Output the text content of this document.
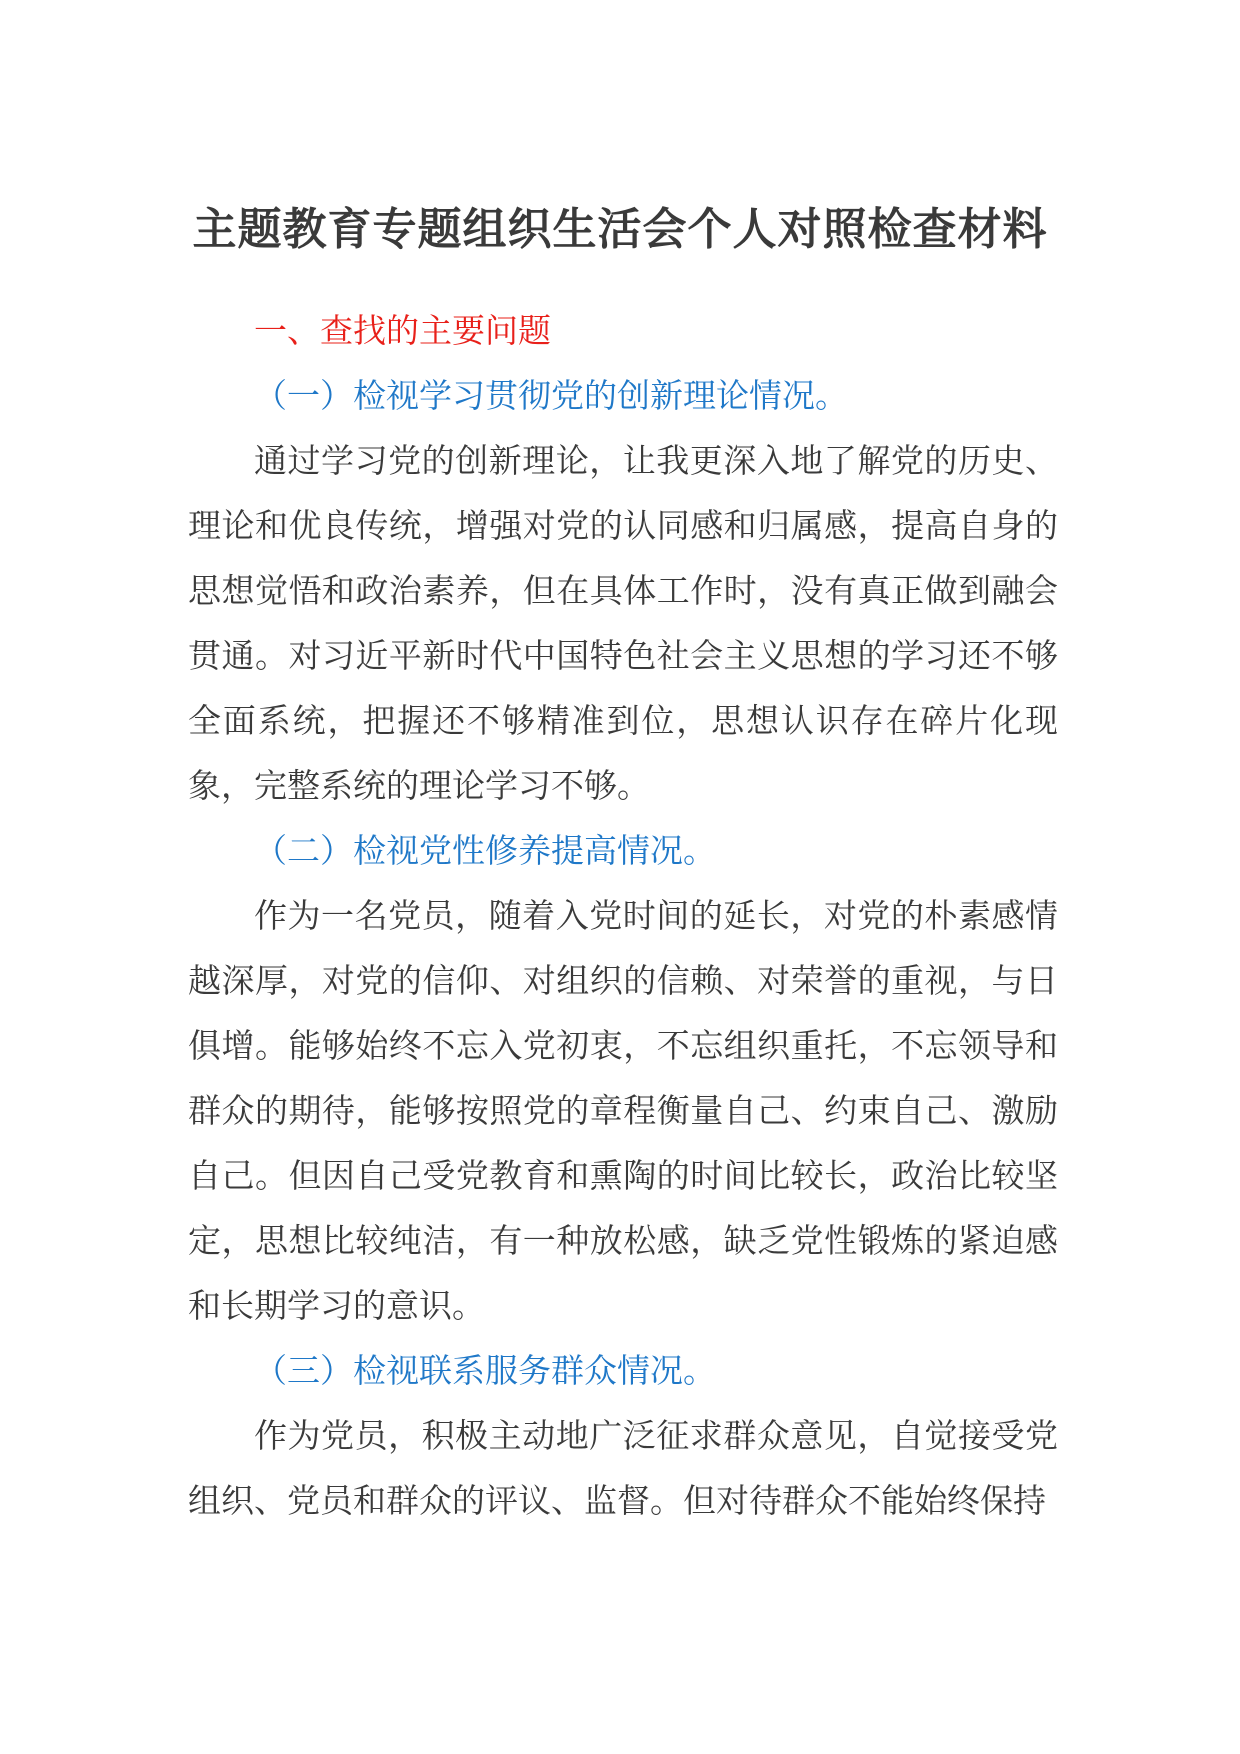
主题教育专题组织生活会个人对照检查材料

一、查找的主要问题

（一）检视学习贯彻党的创新理论情况。

通过学习党的创新理论，让我更深入地了解党的历史、理论和优良传统，增强对党的认同感和归属感，提高自身的思想觉悟和政治素养，但在具体工作时，没有真正做到融会贯通。对习近平新时代中国特色社会主义思想的学习还不够全面系统，把握还不够精准到位，思想认识存在碎片化现象，完整系统的理论学习不够。

（二）检视党性修养提高情况。

作为一名党员，随着入党时间的延长，对党的朴素感情越深厚，对党的信仰、对组织的信赖、对荣誉的重视，与日俱增。能够始终不忘入党初衷，不忘组织重托，不忘领导和群众的期待，能够按照党的章程衡量自己、约束自己、激励自己。但因自己受党教育和熏陶的时间比较长，政治比较坚定，思想比较纯洁，有一种放松感，缺乏党性锻炼的紧迫感和长期学习的意识。

（三）检视联系服务群众情况。

作为党员，积极主动地广泛征求群众意见，自觉接受党组织、党员和群众的评议、监督。但对待群众不能始终保持
